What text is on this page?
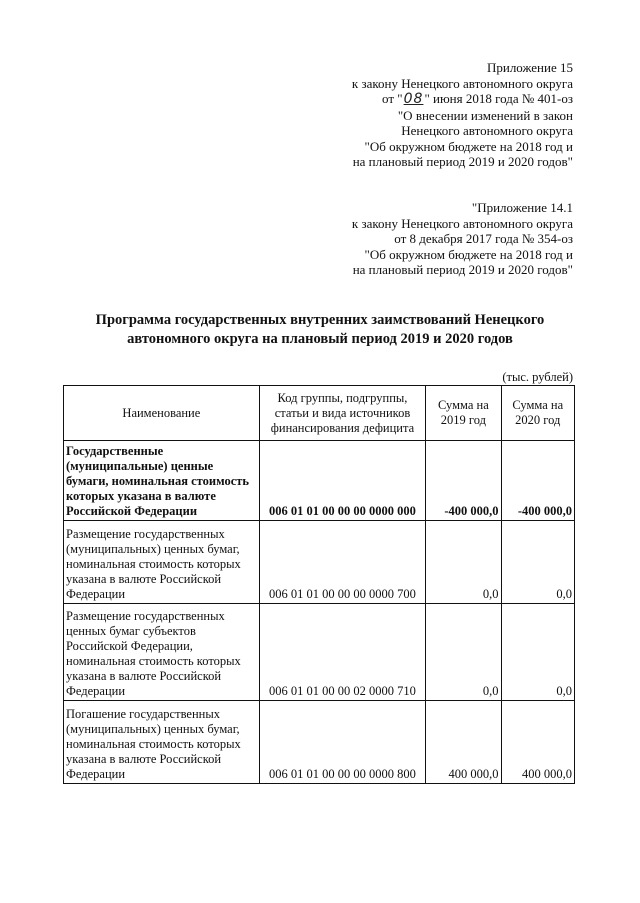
Приложение 15
к закону Ненецкого автономного округа
от "08" июня 2018 года № 401-оз
"О внесении изменений в закон
Ненецкого автономного округа
"Об окружном бюджете на 2018 год и
на плановый период 2019 и 2020 годов"
"Приложение 14.1
к закону Ненецкого автономного округа
от 8 декабря 2017 года № 354-оз
"Об окружном бюджете на 2018 год и
на плановый период 2019 и 2020 годов"
Программа государственных внутренних заимствований Ненецкого
автономного округа на плановый период 2019 и 2020 годов
(тыс. рублей)
Наименование	Код группы, подгруппы, статьи и вида источников финансирования дефицита	Сумма на 2019 год	Сумма на 2020 год
Государственные (муниципальные) ценные бумаги, номинальная стоимость которых указана в валюте Российской Федерации	006 01 01 00 00 00 0000 000	-400 000,0	-400 000,0
Размещение государственных (муниципальных) ценных бумаг, номинальная стоимость которых указана в валюте Российской Федерации	006 01 01 00 00 00 0000 700	0,0	0,0
Размещение государственных ценных бумаг субъектов Российской Федерации, номинальная стоимость которых указана в валюте Российской Федерации	006 01 01 00 00 02 0000 710	0,0	0,0
Погашение государственных (муниципальных) ценных бумаг, номинальная стоимость которых указана в валюте Российской Федерации	006 01 01 00 00 00 0000 800	400 000,0	400 000,0
